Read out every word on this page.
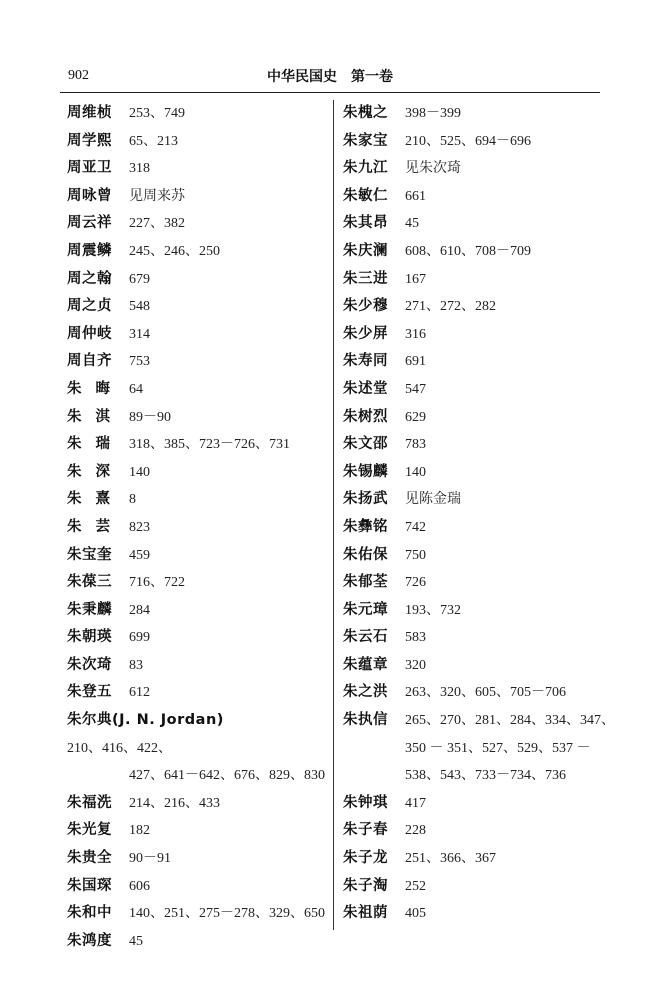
902	中华民国史　第一卷
周维桢	253、749
周学熙	65、213
周亚卫	318
周咏曾	见周来苏
周云祥	227、382
周震鳞	245、246、250
周之翰	679
周之贞	548
周仲岐	314
周自齐	753
朱晦 64
朱淇 89－90
朱瑞 318、385、723－726、731
朱深 140
朱熹 8
朱芸 823
朱宝奎	459
朱葆三	716、722
朱秉麟	284
朱朝瑛	699
朱次琦	83
朱登五	612
朱尔典(J. N. Jordan)
210、416、422、
427、641－642、676、829、830
朱福洗	214、216、433
朱光复	182
朱贵全	90－91
朱国琛	606
朱和中	140、251、275－278、329、650
朱鸿度	45
朱槐之	398－399
朱家宝	210、525、694－696
朱九江	见朱次琦
朱敏仁	661
朱其昂	45
朱庆澜	608、610、708－709
朱三进	167
朱少穆	271、272、282
朱少屏	316
朱寿同	691
朱述堂	547
朱树烈	629
朱文邵	783
朱锡麟	140
朱扬武	见陈金瑞
朱彝铭	742
朱佑保	750
朱郁荃	726
朱元璋	193、732
朱云石	583
朱蕴章	320
朱之洪	263、320、605、705－706
朱执信	265、270、281、284、334、347、
350 － 351、527、529、537 －
538、543、733－734、736
朱钟琪	417
朱子春	228
朱子龙	251、366、367
朱子淘	252
朱祖荫	405
